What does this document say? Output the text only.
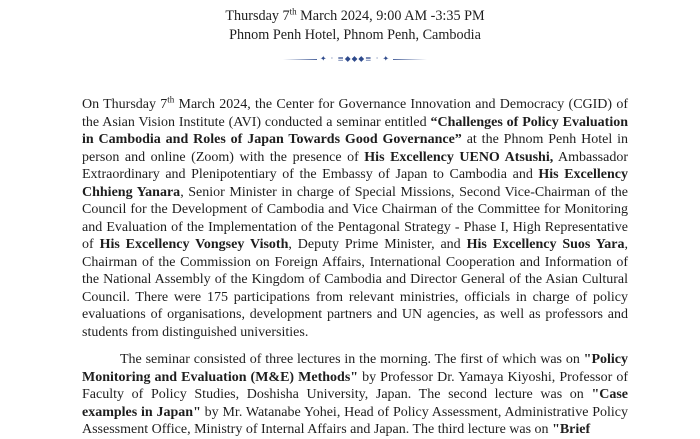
Thursday 7th March 2024, 9:00 AM -3:35 PM
Phnom Penh Hotel, Phnom Penh, Cambodia
✦ · ≡◆◆◆≡ · ✦

On Thursday 7th March 2024, the Center for Governance Innovation and Democracy (CGID) of the Asian Vision Institute (AVI) conducted a seminar entitled “Challenges of Policy Evaluation in Cambodia and Roles of Japan Towards Good Governance” at the Phnom Penh Hotel in person and online (Zoom) with the presence of His Excellency UENO Atsushi, Ambassador Extraordinary and Plenipotentiary of the Embassy of Japan to Cambodia and His Excellency Chhieng Yanara, Senior Minister in charge of Special Missions, Second Vice-Chairman of the Council for the Development of Cambodia and Vice Chairman of the Committee for Monitoring and Evaluation of the Implementation of the Pentagonal Strategy - Phase I, High Representative of His Excellency Vongsey Visoth, Deputy Prime Minister, and His Excellency Suos Yara, Chairman of the Commission on Foreign Affairs, International Cooperation and Information of the National Assembly of the Kingdom of Cambodia and Director General of the Asian Cultural Council. There were 175 participations from relevant ministries, officials in charge of policy evaluations of organisations, development partners and UN agencies, as well as professors and students from distinguished universities.

The seminar consisted of three lectures in the morning. The first of which was on "Policy Monitoring and Evaluation (M&E) Methods" by Professor Dr. Yamaya Kiyoshi, Professor of Faculty of Policy Studies, Doshisha University, Japan. The second lecture was on "Case examples in Japan" by Mr. Watanabe Yohei, Head of Policy Assessment, Administrative Policy Assessment Office, Ministry of Internal Affairs and Japan. The third lecture was on "Brief
